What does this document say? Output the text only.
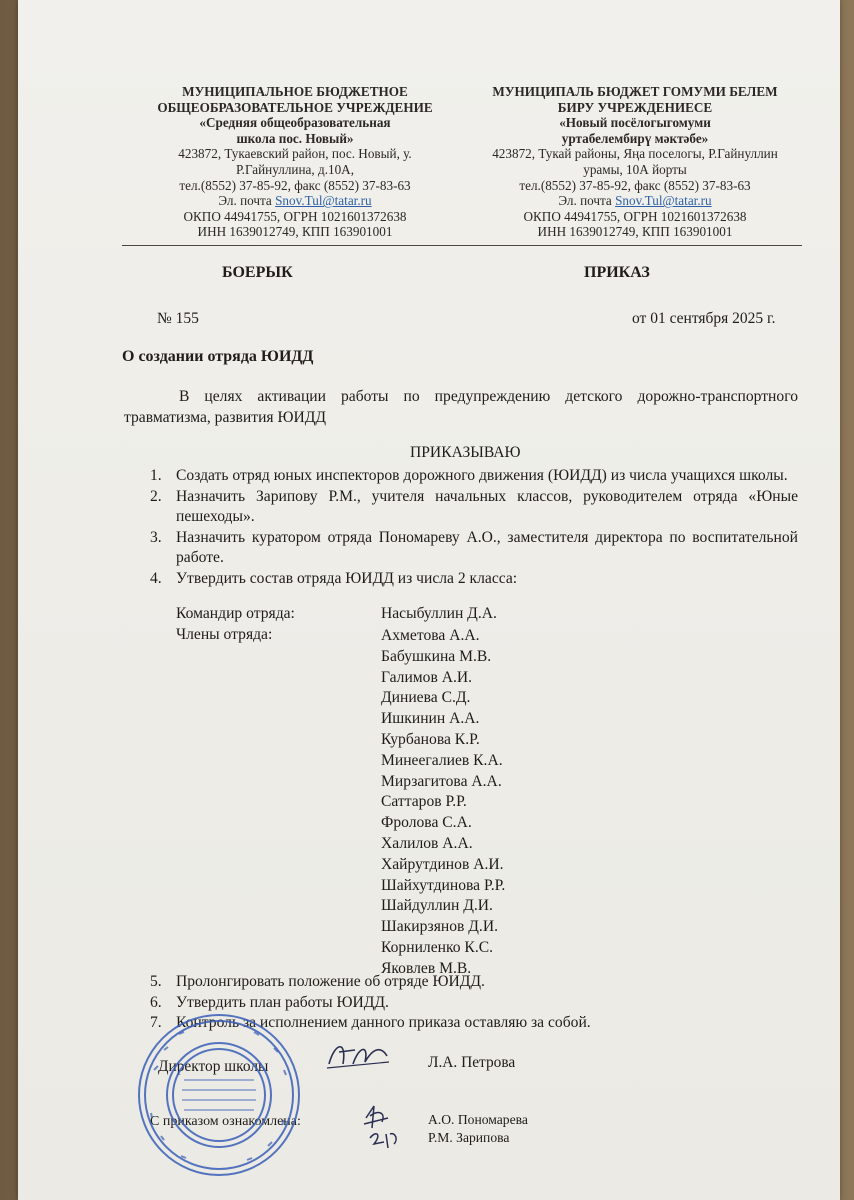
МУНИЦИПАЛЬНОЕ БЮДЖЕТНОЕ
ОБЩЕОБРАЗОВАТЕЛЬНОЕ УЧРЕЖДЕНИЕ
«Средняя общеобразовательная
школа пос. Новый»
423872, Тукаевский район, пос. Новый, у.
Р.Гайнуллина, д.10А,
тел.(8552) 37-85-92, факс (8552) 37-83-63
Эл. почта Snov.Tul@tatar.ru
ОКПО 44941755, ОГРН 1021601372638
ИНН 1639012749, КПП 163901001
МУНИЦИПАЛЬ БЮДЖЕТ ГОМУМИ БЕЛЕМ
БИРУ УЧРЕЖДЕНИЕСЕ
«Новый посёлогыгомуми
уртабелембирү мәктәбе»
423872, Тукай районы, Яңа поселогы, Р.Гайнуллин
урамы, 10А йорты
тел.(8552) 37-85-92, факс (8552) 37-83-63
Эл. почта Snov.Tul@tatar.ru
ОКПО 44941755, ОГРН 1021601372638
ИНН 1639012749, КПП 163901001
БОЕРЫК	ПРИКАЗ
№ 155	от 01 сентября 2025 г.
О создании отряда ЮИДД
В целях активации работы по предупреждению детского дорожно-транспортного травматизма, развития ЮИДД
ПРИКАЗЫВАЮ
1. Создать отряд юных инспекторов дорожного движения (ЮИДД) из числа учащихся школы.
2. Назначить Зарипову Р.М., учителя начальных классов, руководителем отряда «Юные пешеходы».
3. Назначить куратором отряда Пономареву А.О., заместителя директора по воспитательной работе.
4. Утвердить состав отряда ЮИДД из числа 2 класса:
Командир отряда:	Насыбуллин Д.А.
Члены отряда:	Ахметова А.А.
Бабушкина М.В.
Галимов А.И.
Диниева С.Д.
Ишкинин А.А.
Курбанова К.Р.
Минеегалиев К.А.
Мирзагитова А.А.
Саттаров Р.Р.
Фролова С.А.
Халилов А.А.
Хайрутдинов А.И.
Шайхутдинова Р.Р.
Шайдуллин Д.И.
Шакирзянов Д.И.
Корниленко К.С.
Яковлев М.В.
5. Пролонгировать положение об отряде ЮИДД.
6. Утвердить план работы ЮИДД.
7. Контроль за исполнением данного приказа оставляю за собой.
Директор школы	Л.А. Петрова
С приказом ознакомлена:	А.О. Пономарева
Р.М. Зарипова
